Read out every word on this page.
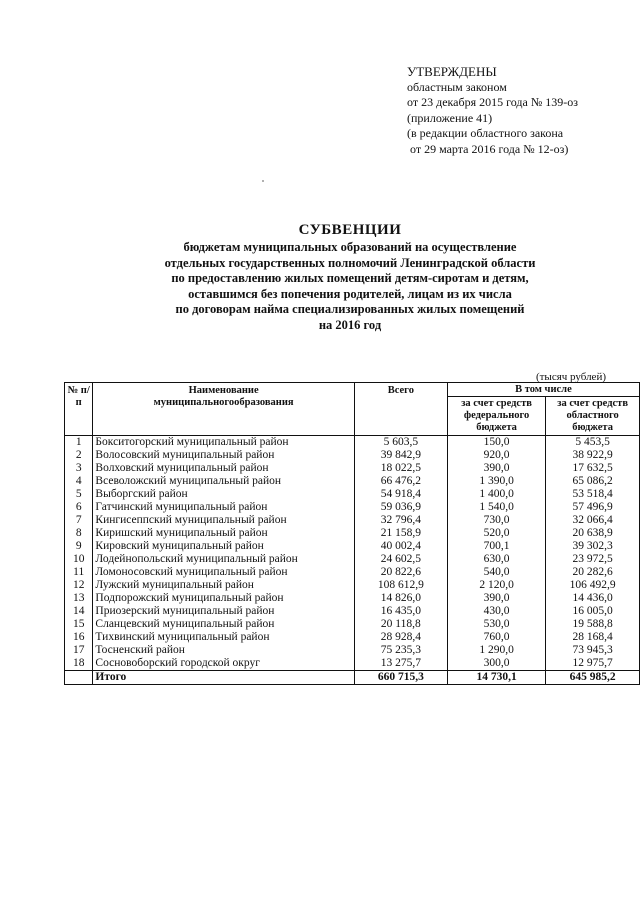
УТВЕРЖДЕНЫ
областным законом
от 23 декабря 2015 года № 139-оз
(приложение 41)
(в редакции областного закона
от 29 марта 2016 года № 12-оз)
СУБВЕНЦИИ
бюджетам муниципальных образований на осуществление
отдельных государственных полномочий Ленинградской области
по предоставлению жилых помещений детям-сиротам и детям,
оставшимся без попечения родителей, лицам из их числа
по договорам найма специализированных жилых помещений
на 2016 год
(тысяч рублей)
№ п/п	Наименование муниципальногообразования	Всего	В том числе	
			за счет средств федерального бюджета	за счет средств областного бюджета
1	Бокситогорский муниципальный район	5 603,5	150,0	5 453,5
2	Волосовский муниципальный район	39 842,9	920,0	38 922,9
3	Волховский муниципальный район	18 022,5	390,0	17 632,5
4	Всеволожский муниципальный район	66 476,2	1 390,0	65 086,2
5	Выборгский район	54 918,4	1 400,0	53 518,4
6	Гатчинский муниципальный район	59 036,9	1 540,0	57 496,9
7	Кингисеппский муниципальный район	32 796,4	730,0	32 066,4
8	Киришский муниципальный район	21 158,9	520,0	20 638,9
9	Кировский муниципальный район	40 002,4	700,1	39 302,3
10	Лодейнопольский муниципальный район	24 602,5	630,0	23 972,5
11	Ломоносовский муниципальный район	20 822,6	540,0	20 282,6
12	Лужский муниципальный район	108 612,9	2 120,0	106 492,9
13	Подпорожский муниципальный район	14 826,0	390,0	14 436,0
14	Приозерский муниципальный район	16 435,0	430,0	16 005,0
15	Сланцевский муниципальный район	20 118,8	530,0	19 588,8
16	Тихвинский муниципальный район	28 928,4	760,0	28 168,4
17	Тосненский район	75 235,3	1 290,0	73 945,3
18	Сосновоборский городской округ	13 275,7	300,0	12 975,7
	Итого	660 715,3	14 730,1	645 985,2
